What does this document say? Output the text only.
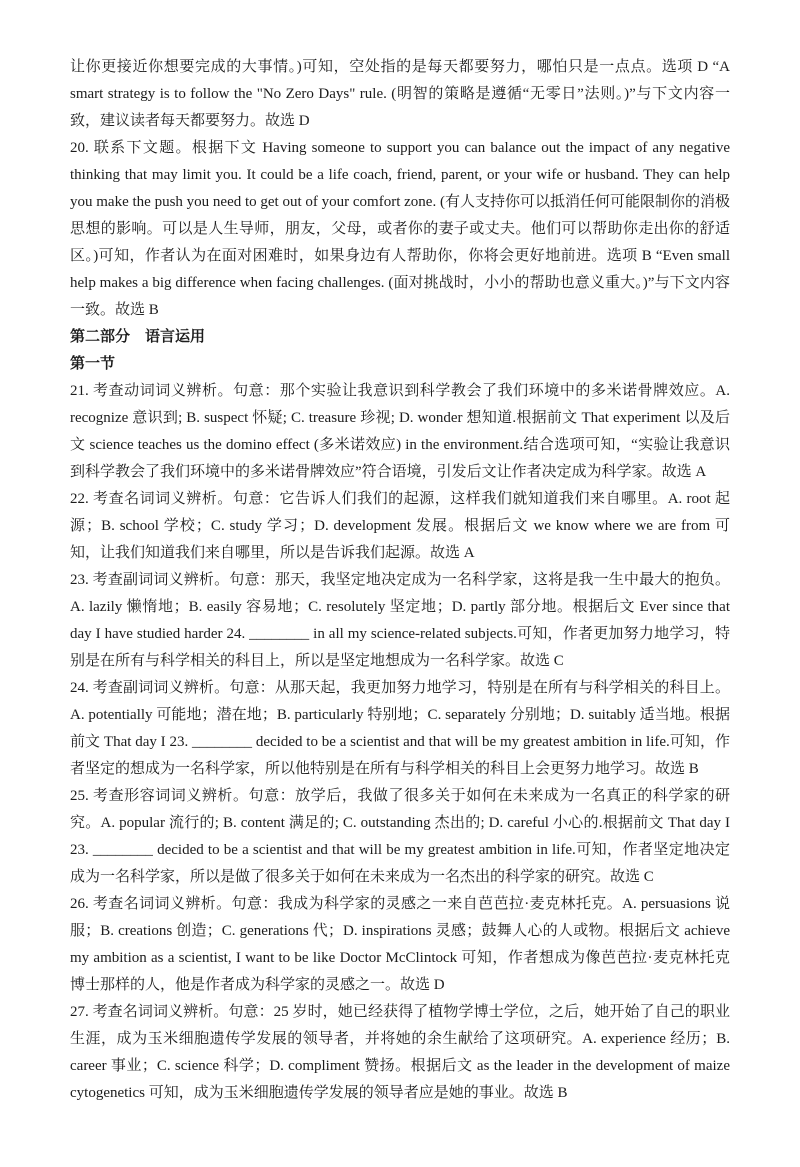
让你更接近你想要完成的大事情。)可知，空处指的是每天都要努力，哪怕只是一点点。选项 D “A smart strategy is to follow the "No Zero Days" rule. (明智的策略是遵循“无零日”法则。)”与下文内容一致，建议读者每天都要努力。故选 D

20. 联系下文题。根据下文 Having someone to support you can balance out the impact of any negative thinking that may limit you. It could be a life coach, friend, parent, or your wife or husband. They can help you make the push you need to get out of your comfort zone. (有人支持你可以抵消任何可能限制你的消极思想的影响。可以是人生导师，朋友，父母，或者你的妻子或丈夫。他们可以帮助你走出你的舒适区。)可知，作者认为在面对困难时，如果身边有人帮助你，你将会更好地前进。选项 B “Even small help makes a big difference when facing challenges. (面对挑战时，小小的帮助也意义重大。)”与下文内容一致。故选 B

第二部分　语言运用

第一节

21. 考查动词词义辨析。句意：那个实验让我意识到科学教会了我们环境中的多米诺骨牌效应。A. recognize 意识到; B. suspect 怀疑; C. treasure 珍视; D. wonder 想知道.根据前文 That experiment 以及后文 science teaches us the domino effect (多米诺效应) in the environment.结合选项可知，“实验让我意识到科学教会了我们环境中的多米诺骨牌效应”符合语境，引发后文让作者决定成为科学家。故选 A

22. 考查名词词义辨析。句意：它告诉人们我们的起源，这样我们就知道我们来自哪里。A. root 起源；B. school 学校；C. study 学习；D. development 发展。根据后文 we know where we are from 可知，让我们知道我们来自哪里，所以是告诉我们起源。故选 A

23. 考查副词词义辨析。句意：那天，我坚定地决定成为一名科学家，这将是我一生中最大的抱负。A. lazily 懒惰地；B. easily 容易地；C. resolutely 坚定地；D. partly 部分地。根据后文 Ever since that day I have studied harder 24. ________ in all my science-related subjects.可知，作者更加努力地学习，特别是在所有与科学相关的科目上，所以是坚定地想成为一名科学家。故选 C

24. 考查副词词义辨析。句意：从那天起，我更加努力地学习，特别是在所有与科学相关的科目上。A. potentially 可能地；潜在地；B. particularly 特别地；C. separately 分别地；D. suitably 适当地。根据前文 That day I 23. ________ decided to be a scientist and that will be my greatest ambition in life.可知，作者坚定的想成为一名科学家，所以他特别是在所有与科学相关的科目上会更努力地学习。故选 B

25. 考查形容词词义辨析。句意：放学后，我做了很多关于如何在未来成为一名真正的科学家的研究。A. popular 流行的; B. content 满足的; C. outstanding 杰出的; D. careful 小心的.根据前文 That day I 23. ________ decided to be a scientist and that will be my greatest ambition in life.可知，作者坚定地决定成为一名科学家，所以是做了很多关于如何在未来成为一名杰出的科学家的研究。故选 C

26. 考查名词词义辨析。句意：我成为科学家的灵感之一来自芭芭拉·麦克林托克。A. persuasions 说服；B. creations 创造；C. generations 代；D. inspirations 灵感；鼓舞人心的人或物。根据后文 achieve my ambition as a scientist, I want to be like Doctor McClintock 可知，作者想成为像芭芭拉·麦克林托克博士那样的人，他是作者成为科学家的灵感之一。故选 D

27. 考查名词词义辨析。句意：25 岁时，她已经获得了植物学博士学位，之后，她开始了自己的职业生涯，成为玉米细胞遗传学发展的领导者，并将她的余生献给了这项研究。A. experience 经历；B. career 事业；C. science 科学；D. compliment 赞扬。根据后文 as the leader in the development of maize cytogenetics 可知，成为玉米细胞遗传学发展的领导者应是她的事业。故选 B
